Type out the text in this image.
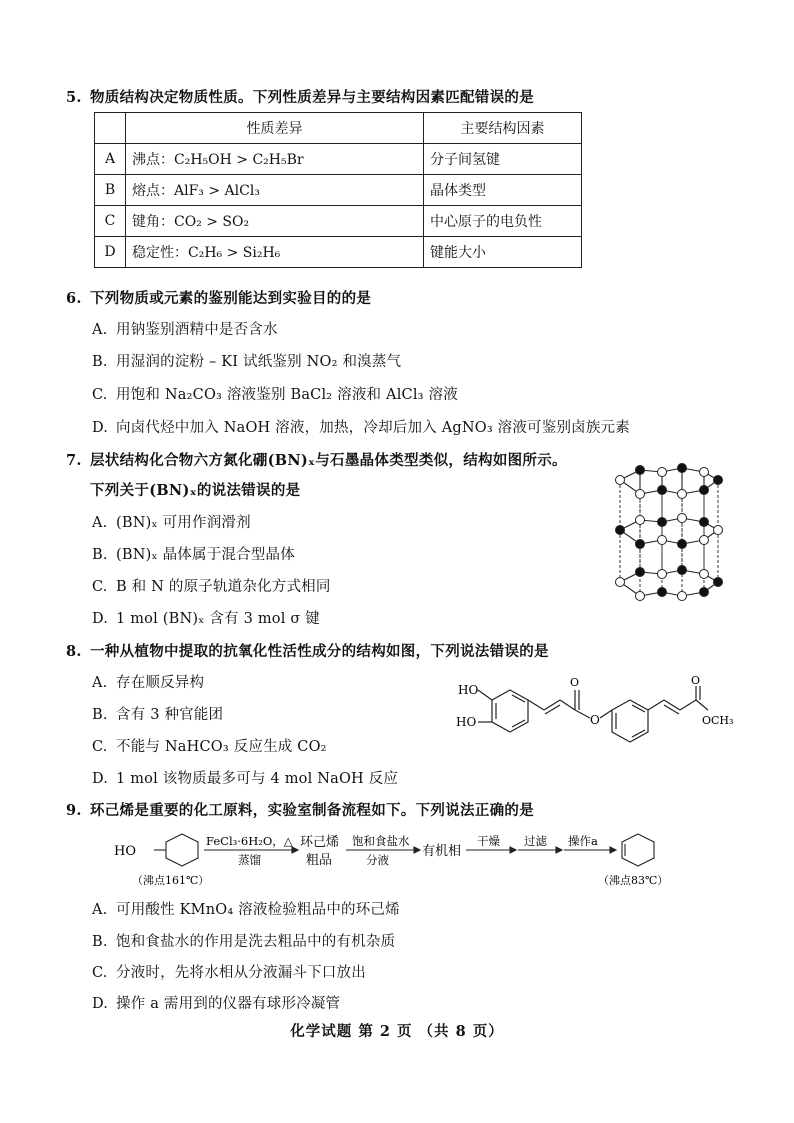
5. 物质结构决定物质性质。下列性质差异与主要结构因素匹配错误的是
	性质差异	主要结构因素
A	沸点：C₂H₅OH > C₂H₅Br	分子间氢键
B	熔点：AlF₃ > AlCl₃	晶体类型
C	键角：CO₂ > SO₂	中心原子的电负性
D	稳定性：C₂H₆ > Si₂H₆	键能大小
6. 下列物质或元素的鉴别能达到实验目的的是
A. 用钠鉴别酒精中是否含水
B. 用湿润的淀粉 – KI 试纸鉴别 NO₂ 和溴蒸气
C. 用饱和 Na₂CO₃ 溶液鉴别 BaCl₂ 溶液和 AlCl₃ 溶液
D. 向卤代烃中加入 NaOH 溶液，加热，冷却后加入 AgNO₃ 溶液可鉴别卤族元素
7. 层状结构化合物六方氮化硼(BN)ₓ与石墨晶体类型类似，结构如图所示。
下列关于(BN)ₓ的说法错误的是
A. (BN)ₓ 可用作润滑剂
B. (BN)ₓ 晶体属于混合型晶体
C. B 和 N 的原子轨道杂化方式相同
D. 1 mol (BN)ₓ 含有 3 mol σ 键
8. 一种从植物中提取的抗氧化性活性成分的结构如图，下列说法错误的是
A. 存在顺反异构
B. 含有 3 种官能团
C. 不能与 NaHCO₃ 反应生成 CO₂
D. 1 mol 该物质最多可与 4 mol NaOH 反应
HO
HO
O
O
O
OCH₃
9. 环己烯是重要的化工原料，实验室制备流程如下。下列说法正确的是
HO
（沸点161℃）
FeCl₃·6H₂O，△
蒸馏
环己烯
粗品
饱和食盐水
分液
有机相
干燥 过滤 操作a
（沸点83℃）
A. 可用酸性 KMnO₄ 溶液检验粗品中的环己烯
B. 饱和食盐水的作用是洗去粗品中的有机杂质
C. 分液时，先将水相从分液漏斗下口放出
D. 操作 a 需用到的仪器有球形冷凝管
化学试题 第 2 页 （共 8 页）
